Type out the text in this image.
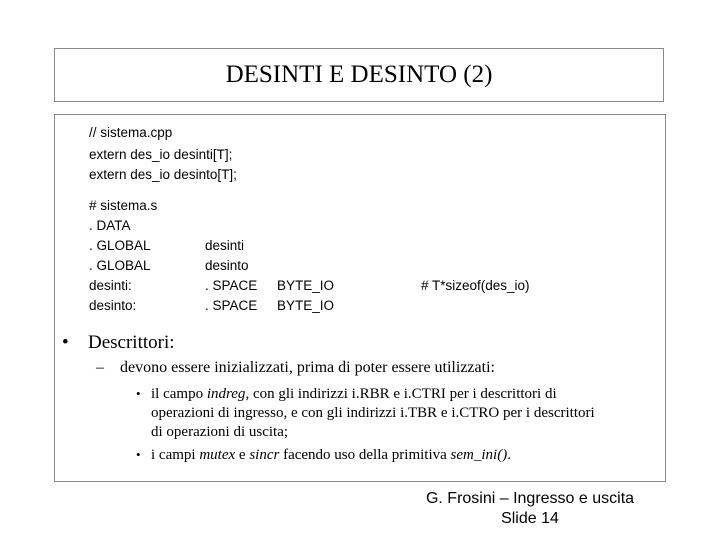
DESINTI E DESINTO (2)
// sistema.cpp
extern des_io desinti[T];
extern des_io desinto[T];
# sistema.s
. DATA
. GLOBAL
. GLOBAL
desinti:
desinto:
desinti
desinto
. SPACE
. SPACE
BYTE_IO
BYTE_IO
# T*sizeof(des_io)
• Descrittori:
– devono essere inizializzati, prima di poter essere utilizzati:
• il campo indreg, con gli indirizzi i.RBR e i.CTRI per i descrittori di
operazioni di ingresso, e con gli indirizzi i.TBR e i.CTRO per i descrittori
di operazioni di uscita;
• i campi mutex e sincr facendo uso della primitiva sem_ini().
G. Frosini – Ingresso e uscita
Slide 14
